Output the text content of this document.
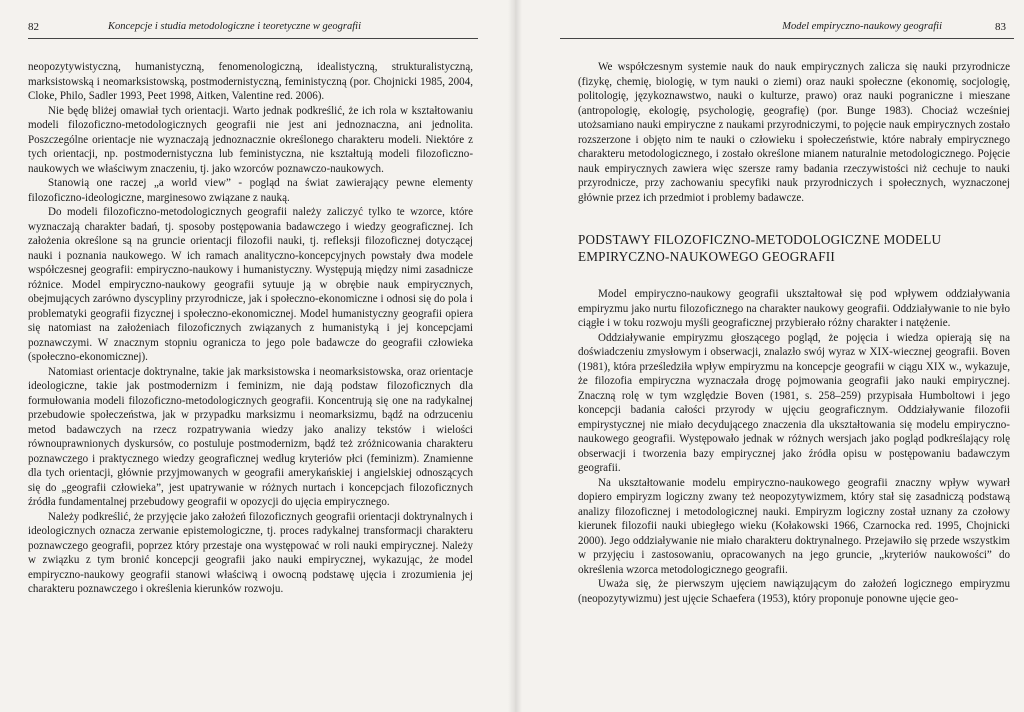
82	Koncepcje i studia metodologiczne i teoretyczne w geografii

neopozytywistyczną, humanistyczną, fenomenologiczną, idealistyczną, strukturalistyczną, marksistowską i neomarksistowską, postmodernistyczną, feministyczną (por. Chojnicki 1985, 2004, Cloke, Philo, Sadler 1993, Peet 1998, Aitken, Valentine red. 2006).

Nie będę bliżej omawiał tych orientacji. Warto jednak podkreślić, że ich rola w kształtowaniu modeli filozoficzno-metodologicznych geografii nie jest ani jednoznaczna, ani jednolita. Poszczególne orientacje nie wyznaczają jednoznacznie określonego charakteru modeli. Niektóre z tych orientacji, np. postmodernistyczna lub feministyczna, nie kształtują modeli filozoficzno-naukowych we właściwym znaczeniu, tj. jako wzorców poznawczo-naukowych.

Stanowią one raczej „a world view” - pogląd na świat zawierający pewne elementy filozoficzno-ideologiczne, marginesowo związane z nauką.

Do modeli filozoficzno-metodologicznych geografii należy zaliczyć tylko te wzorce, które wyznaczają charakter badań, tj. sposoby postępowania badawczego i wiedzy geograficznej. Ich założenia określone są na gruncie orientacji filozofii nauki, tj. refleksji filozoficznej dotyczącej nauki i poznania naukowego. W ich ramach analityczno-koncepcyjnych powstały dwa modele współczesnej geografii: empiryczno-naukowy i humanistyczny. Występują między nimi zasadnicze różnice. Model empiryczno-naukowy geografii sytuuje ją w obrębie nauk empirycznych, obejmujących zarówno dyscypliny przyrodnicze, jak i społeczno-ekonomiczne i odnosi się do pola i problematyki geografii fizycznej i społeczno-ekonomicznej. Model humanistyczny geografii opiera się natomiast na założeniach filozoficznych związanych z humanistyką i jej koncepcjami poznawczymi. W znacznym stopniu ogranicza to jego pole badawcze do geografii człowieka (społeczno-ekonomicznej).

Natomiast orientacje doktrynalne, takie jak marksistowska i neomarksistowska, oraz orientacje ideologiczne, takie jak postmodernizm i feminizm, nie dają podstaw filozoficznych dla formułowania modeli filozoficzno-metodologicznych geografii. Koncentrują się one na radykalnej przebudowie społeczeństwa, jak w przypadku marksizmu i neomarksizmu, bądź na odrzuceniu metod badawczych na rzecz rozpatrywania wiedzy jako analizy tekstów i wielości równouprawnionych dyskursów, co postuluje postmodernizm, bądź też zróżnicowania charakteru poznawczego i praktycznego wiedzy geograficznej według kryteriów płci (feminizm). Znamienne dla tych orientacji, głównie przyjmowanych w geografii amerykańskiej i angielskiej odnoszących się do „geografii człowieka”, jest upatrywanie w różnych nurtach i koncepcjach filozoficznych źródła fundamentalnej przebudowy geografii w opozycji do ujęcia empirycznego.

Należy podkreślić, że przyjęcie jako założeń filozoficznych geografii orientacji doktrynalnych i ideologicznych oznacza zerwanie epistemologiczne, tj. proces radykalnej transformacji charakteru poznawczego geografii, poprzez który przestaje ona występować w roli nauki empirycznej. Należy w związku z tym bronić koncepcji geografii jako nauki empirycznej, wykazując, że model empiryczno-naukowy geografii stanowi właściwą i owocną podstawę ujęcia i zrozumienia jej charakteru poznawczego i określenia kierunków rozwoju.

Model empiryczno-naukowy geografii	83

We współczesnym systemie nauk do nauk empirycznych zalicza się nauki przyrodnicze (fizykę, chemię, biologię, w tym nauki o ziemi) oraz nauki społeczne (ekonomię, socjologię, politologię, językoznawstwo, nauki o kulturze, prawo) oraz nauki pograniczne i mieszane (antropologię, ekologię, psychologię, geografię) (por. Bunge 1983). Chociaż wcześniej utożsamiano nauki empiryczne z naukami przyrodniczymi, to pojęcie nauk empirycznych zostało rozszerzone i objęto nim te nauki o człowieku i społeczeństwie, które nabrały empirycznego charakteru metodologicznego, i zostało określone mianem naturalnie metodologicznego. Pojęcie nauk empirycznych zawiera więc szersze ramy badania rzeczywistości niż cechuje to nauki przyrodnicze, przy zachowaniu specyfiki nauk przyrodniczych i społecznych, wyznaczonej głównie przez ich przedmiot i problemy badawcze.

PODSTAWY FILOZOFICZNO-METODOLOGICZNE MODELU
EMPIRYCZNO-NAUKOWEGO GEOGRAFII

Model empiryczno-naukowy geografii ukształtował się pod wpływem oddziaływania empiryzmu jako nurtu filozoficznego na charakter naukowy geografii. Oddziaływanie to nie było ciągłe i w toku rozwoju myśli geograficznej przybierało różny charakter i natężenie.

Oddziaływanie empiryzmu głoszącego pogląd, że pojęcia i wiedza opierają się na doświadczeniu zmysłowym i obserwacji, znalazło swój wyraz w XIX-wiecznej geografii. Boven (1981), która prześledziła wpływ empiryzmu na koncepcje geografii w ciągu XIX w., wykazuje, że filozofia empiryczna wyznaczała drogę pojmowania geografii jako nauki empirycznej. Znaczną rolę w tym względzie Boven (1981, s. 258–259) przypisała Humboltowi i jego koncepcji badania całości przyrody w ujęciu geograficznym. Oddziaływanie filozofii empirystycznej nie miało decydującego znaczenia dla ukształtowania się modelu empiryczno-naukowego geografii. Występowało jednak w różnych wersjach jako pogląd podkreślający rolę obserwacji i tworzenia bazy empirycznej jako źródła opisu w postępowaniu badawczym geografii.

Na ukształtowanie modelu empiryczno-naukowego geografii znaczny wpływ wywarł dopiero empiryzm logiczny zwany też neopozytywizmem, który stał się zasadniczą podstawą analizy filozoficznej i metodologicznej nauki. Empiryzm logiczny został uznany za czołowy kierunek filozofii nauki ubiegłego wieku (Kołakowski 1966, Czarnocka red. 1995, Chojnicki 2000). Jego oddziaływanie nie miało charakteru doktrynalnego. Przejawiło się przede wszystkim w przyjęciu i zastosowaniu, opracowanych na jego gruncie, „kryteriów naukowości” do określenia wzorca metodologicznego geografii.

Uważa się, że pierwszym ujęciem nawiązującym do założeń logicznego empiryzmu (neopozytywizmu) jest ujęcie Schaefera (1953), który proponuje ponowne ujęcie geo-
